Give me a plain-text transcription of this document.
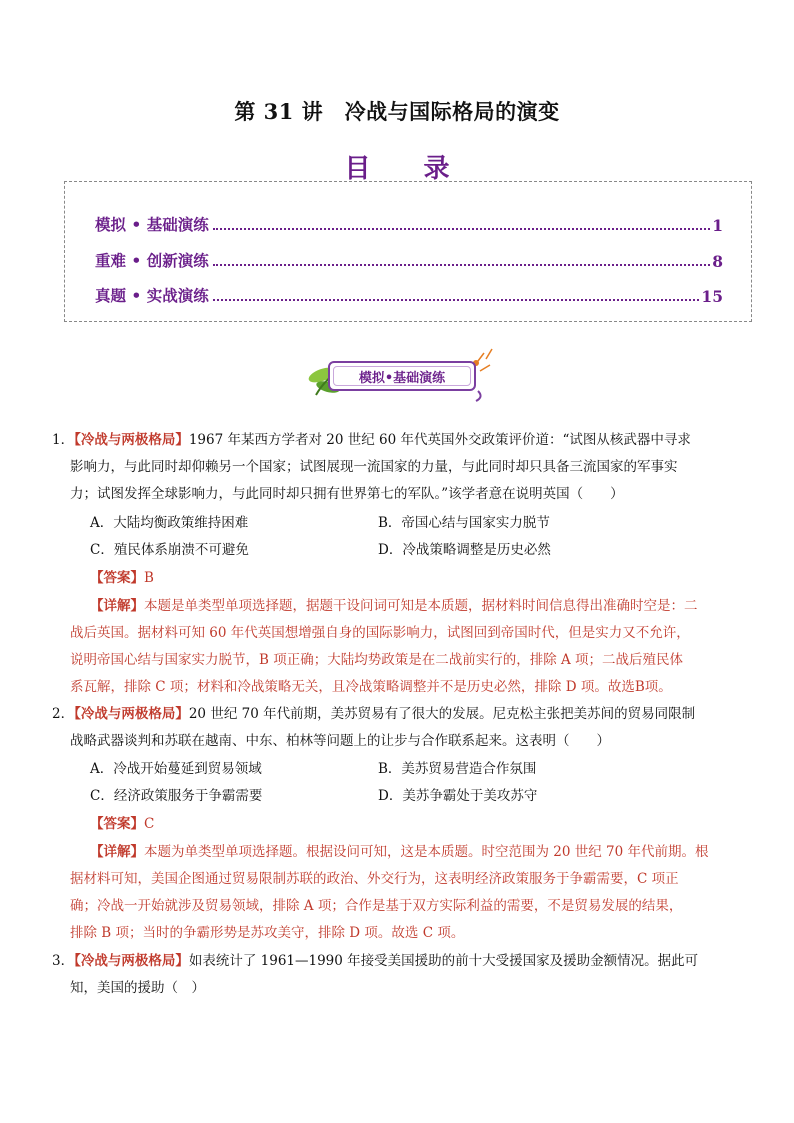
第 31 讲　冷战与国际格局的演变
目 录
模拟 • 基础演练	1
重难 • 创新演练	8
真题 • 实战演练	15
模拟•基础演练
1．【冷战与两极格局】1967 年某西方学者对 20 世纪 60 年代英国外交政策评价道：“试图从核武器中寻求
影响力，与此同时却仰赖另一个国家；试图展现一流国家的力量，与此同时却只具备三流国家的军事实
力；试图发挥全球影响力，与此同时却只拥有世界第七的军队。”该学者意在说明英国（　　）
A．大陆均衡政策维持困难	B．帝国心结与国家实力脱节
C．殖民体系崩溃不可避免	D．冷战策略调整是历史必然
【答案】B
【详解】本题是单类型单项选择题，据题干设问词可知是本质题，据材料时间信息得出准确时空是：二
战后英国。据材料可知 60 年代英国想增强自身的国际影响力，试图回到帝国时代，但是实力又不允许，
说明帝国心结与国家实力脱节，B 项正确；大陆均势政策是在二战前实行的，排除 A 项；二战后殖民体
系瓦解，排除 C 项；材料和冷战策略无关，且冷战策略调整并不是历史必然，排除 D 项。故选B项。
2．【冷战与两极格局】20 世纪 70 年代前期，美苏贸易有了很大的发展。尼克松主张把美苏间的贸易同限制
战略武器谈判和苏联在越南、中东、柏林等问题上的让步与合作联系起来。这表明（　　）
A．冷战开始蔓延到贸易领域	B．美苏贸易营造合作氛围
C．经济政策服务于争霸需要	D．美苏争霸处于美攻苏守
【答案】C
【详解】本题为单类型单项选择题。根据设问可知，这是本质题。时空范围为 20 世纪 70 年代前期。根
据材料可知，美国企图通过贸易限制苏联的政治、外交行为，这表明经济政策服务于争霸需要，C 项正
确；冷战一开始就涉及贸易领域，排除 A 项；合作是基于双方实际利益的需要，不是贸易发展的结果，
排除 B 项；当时的争霸形势是苏攻美守，排除 D 项。故选 C 项。
3．【冷战与两极格局】如表统计了 1961—1990 年接受美国援助的前十大受援国家及援助金额情况。据此可
知，美国的援助（　）
